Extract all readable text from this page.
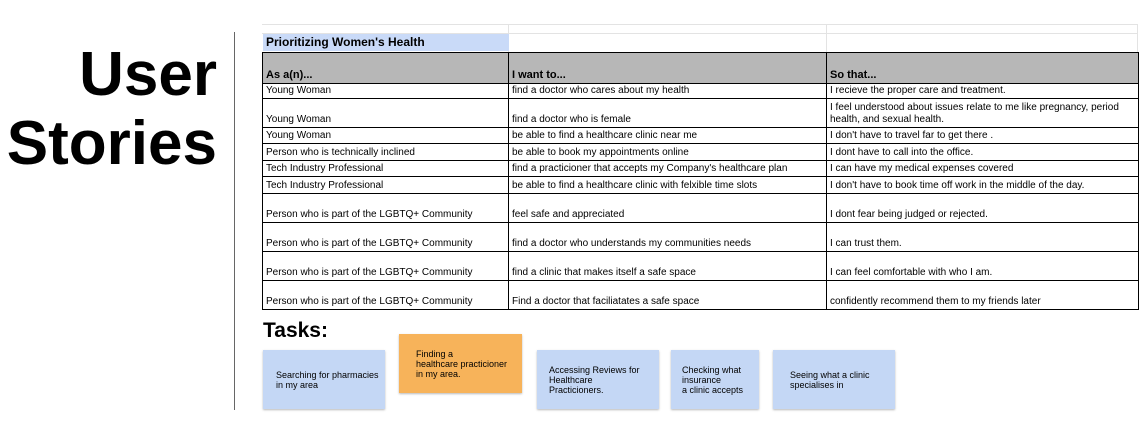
User
Stories
Prioritizing Women's Health
As a(n)...	I want to...	So that...
Young Woman	find a doctor who cares about my health	I recieve the proper care and treatment.
Young Woman	find a doctor who is female	I feel understood about issues relate to me like pregnancy, period health, and sexual health.
Young Woman	be able to find a healthcare clinic near me	I don't have to travel far to get there .
Person who is technically inclined	be able to book my appointments online	I dont have to call into the office.
Tech Industry Professional	find a practicioner that accepts my Company's healthcare plan	I can have my medical expenses covered
Tech Industry Professional	be able to find a healthcare clinic with felxible time slots	I don't have to book time off work in the middle of the day.
Person who is part of the LGBTQ+ Community	feel safe and appreciated	I dont fear being judged or rejected.
Person who is part of the LGBTQ+ Community	find a doctor who understands my communities needs	I can trust them.
Person who is part of the LGBTQ+ Community	find a clinic that makes itself a safe space	I can feel comfortable with who I am.
Person who is part of the LGBTQ+ Community	Find a doctor that faciliatates a safe space	confidently recommend them to my friends later
Tasks:
Searching for pharmacies
in my area
Finding a
healthcare practicioner
in my area.	Accessing Reviews for
Healthcare
Practicioners.
Checking what
insurance
a clinic accepts
Seeing what a clinic
specialises in
